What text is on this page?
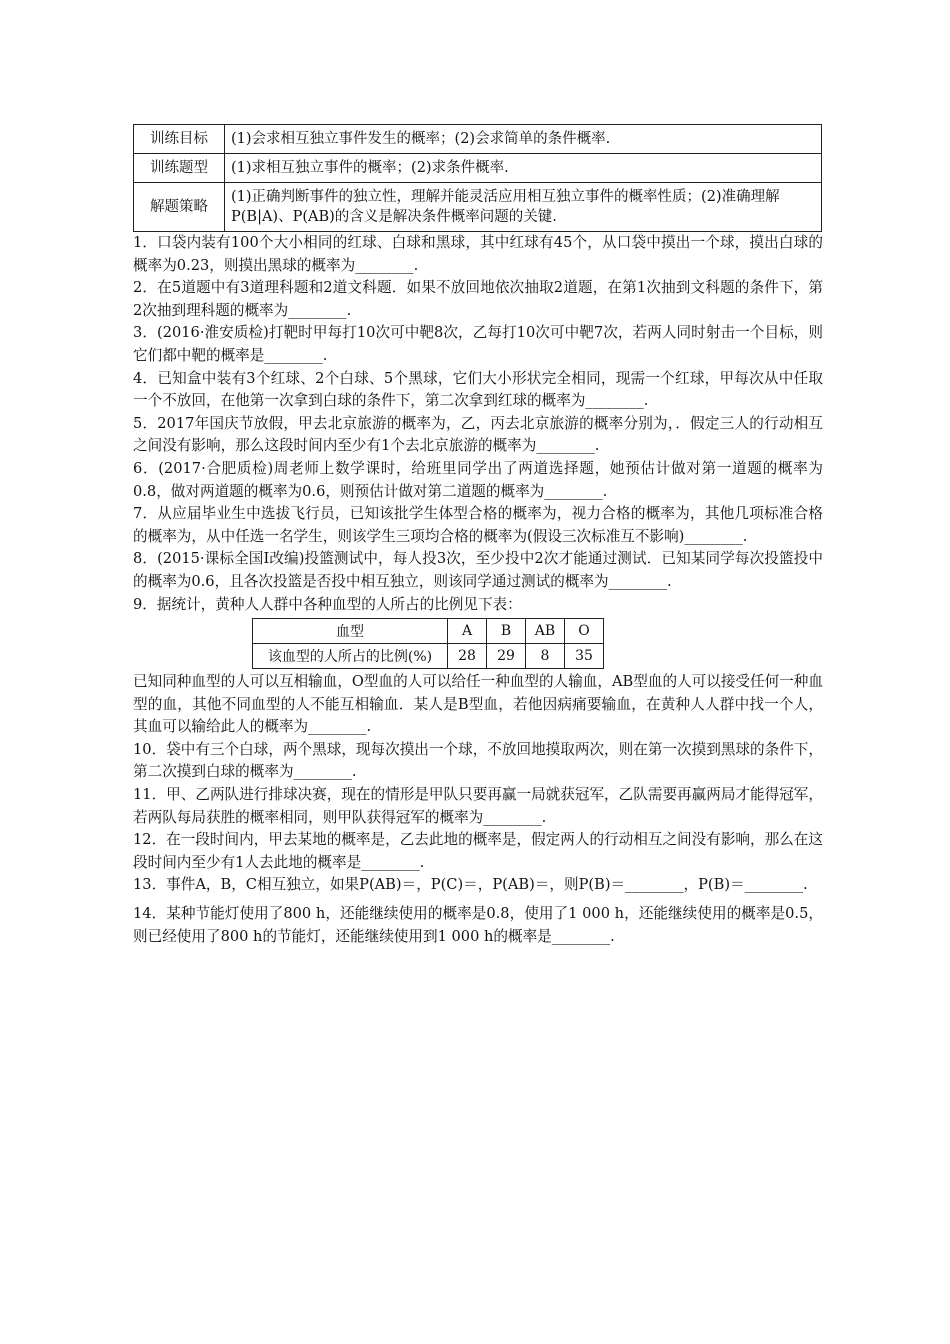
训练目标	(1)会求相互独立事件发生的概率；(2)会求简单的条件概率.
训练题型	(1)求相互独立事件的概率；(2)求条件概率.
解题策略	(1)正确判断事件的独立性，理解并能灵活应用相互独立事件的概率性质；(2)准确理解P(B|A)、P(AB)的含义是解决条件概率问题的关键.

1．口袋内装有100个大小相同的红球、白球和黑球，其中红球有45个，从口袋中摸出一个球，摸出白球的概率为0.23，则摸出黑球的概率为________.

2．在5道题中有3道理科题和2道文科题．如果不放回地依次抽取2道题，在第1次抽到文科题的条件下，第2次抽到理科题的概率为________.

3．(2016·淮安质检)打靶时甲每打10次可中靶8次，乙每打10次可中靶7次，若两人同时射击一个目标，则它们都中靶的概率是________.

4．已知盒中装有3个红球、2个白球、5个黑球，它们大小形状完全相同，现需一个红球，甲每次从中任取一个不放回，在他第一次拿到白球的条件下，第二次拿到红球的概率为________.

5．2017年国庆节放假，甲去北京旅游的概率为，乙，丙去北京旅游的概率分别为，．假定三人的行动相互之间没有影响，那么这段时间内至少有1个去北京旅游的概率为________.

6．(2017·合肥质检)周老师上数学课时，给班里同学出了两道选择题，她预估计做对第一道题的概率为0.8，做对两道题的概率为0.6，则预估计做对第二道题的概率为________.

7．从应届毕业生中选拔飞行员，已知该批学生体型合格的概率为，视力合格的概率为，其他几项标准合格的概率为，从中任选一名学生，则该学生三项均合格的概率为(假设三次标准互不影响)________.

8．(2015·课标全国Ⅰ改编)投篮测试中，每人投3次，至少投中2次才能通过测试．已知某同学每次投篮投中的概率为0.6，且各次投篮是否投中相互独立，则该同学通过测试的概率为________.

9．据统计，黄种人人群中各种血型的人所占的比例见下表：

血型	A	B	AB	O
该血型的人所占的比例(%)	28	29	8	35

已知同种血型的人可以互相输血，O型血的人可以给任一种血型的人输血，AB型血的人可以接受任何一种血型的血，其他不同血型的人不能互相输血．某人是B型血，若他因病痛要输血，在黄种人人群中找一个人，其血可以输给此人的概率为________.

10．袋中有三个白球，两个黑球，现每次摸出一个球，不放回地摸取两次，则在第一次摸到黑球的条件下，第二次摸到白球的概率为________.

11．甲、乙两队进行排球决赛，现在的情形是甲队只要再赢一局就获冠军，乙队需要再赢两局才能得冠军，若两队每局获胜的概率相同，则甲队获得冠军的概率为________.

12．在一段时间内，甲去某地的概率是，乙去此地的概率是，假定两人的行动相互之间没有影响，那么在这段时间内至少有1人去此地的概率是________.

13．事件A，B，C相互独立，如果P(AB)＝，P(C)＝，P(AB)＝，则P(B)＝________，P(B)＝________.

14．某种节能灯使用了800 h，还能继续使用的概率是0.8，使用了1 000 h，还能继续使用的概率是0.5，则已经使用了800 h的节能灯，还能继续使用到1 000 h的概率是________.
